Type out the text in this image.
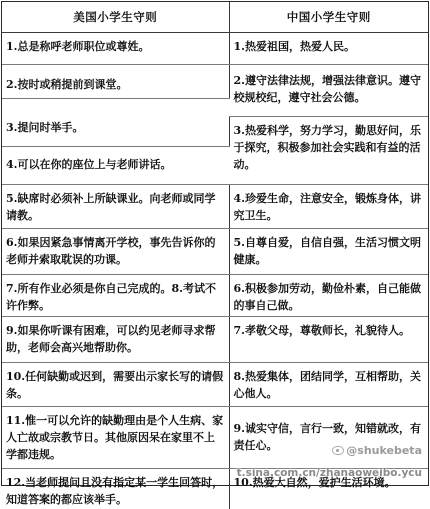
美国小学生守则	中国小学生守则

1.总是称呼老师职位或尊姓。	1.热爱祖国，热爱人民。

2.按时或稍提前到课堂。	2.遵守法律法规，增强法律意识。遵守校规校纪，遵守社会公德。

3.提问时举手。	3.热爱科学，努力学习，勤思好问，乐于探究，积极参加社会实践和有益的活动。

4.可以在你的座位上与老师讲话。	

5.缺席时必须补上所缺课业。向老师或同学请教。	4.珍爱生命，注意安全，锻炼身体，讲究卫生。

6.如果因紧急事情离开学校，事先告诉你的老师并索取耽误的功课。	5.自尊自爱，自信自强，生活习惯文明健康。

7.所有作业必须是你自己完成的。8.考试不许作弊。	6.积极参加劳动，勤俭朴素，自己能做的事自己做。

9.如果你听课有困难，可以约见老师寻求帮助，老师会高兴地帮助你。	7.孝敬父母，尊敬师长，礼貌待人。

10.任何缺勤或迟到，需要出示家长写的请假条。	8.热爱集体，团结同学，互相帮助，关心他人。

11.惟一可以允许的缺勤理由是个人生病、家人亡故或宗教节日。其他原因呆在家里不上学都违规。	9.诚实守信，言行一致，知错就改，有责任心。

12.当老师提问且没有指定某一学生回答时，知道答案的都应该举手。	10.热爱大自然，爱护生活环境。
@shukebeta
t.sina.com.cn/zhanaoweibo.ycu
